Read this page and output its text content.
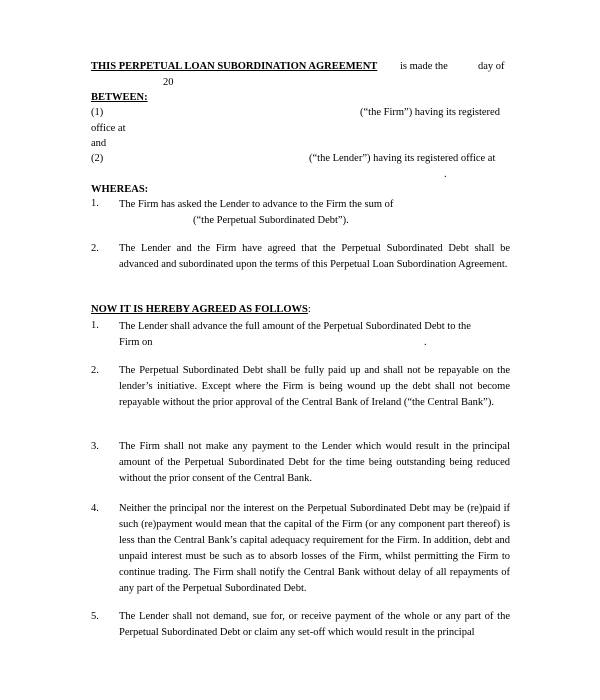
THIS PERPETUAL LOAN SUBORDINATION AGREEMENT is made the	day of
20
BETWEEN:
(1)	(“the Firm”) having its registered
office at
and
(2)	(“the Lender”) having its registered office at
.
WHEREAS:
1. The Firm has asked the Lender to advance to the Firm the sum of
(“the Perpetual Subordinated Debt”).
2. The Lender and the Firm have agreed that the Perpetual Subordinated Debt shall be advanced and subordinated upon the terms of this Perpetual Loan Subordination Agreement.
NOW IT IS HEREBY AGREED AS FOLLOWS:
1. The Lender shall advance the full amount of the Perpetual Subordinated Debt to the
Firm on	.
2. The Perpetual Subordinated Debt shall be fully paid up and shall not be repayable on the lender’s initiative. Except where the Firm is being wound up the debt shall not become repayable without the prior approval of the Central Bank of Ireland (“the Central Bank”).
3. The Firm shall not make any payment to the Lender which would result in the principal amount of the Perpetual Subordinated Debt for the time being outstanding being reduced without the prior consent of the Central Bank.
4. Neither the principal nor the interest on the Perpetual Subordinated Debt may be (re)paid if such (re)payment would mean that the capital of the Firm (or any component part thereof) is less than the Central Bank’s capital adequacy requirement for the Firm. In addition, debt and unpaid interest must be such as to absorb losses of the Firm, whilst permitting the Firm to continue trading. The Firm shall notify the Central Bank without delay of all repayments of any part of the Perpetual Subordinated Debt.
5. The Lender shall not demand, sue for, or receive payment of the whole or any part of the Perpetual Subordinated Debt or claim any set-off which would result in the principal
